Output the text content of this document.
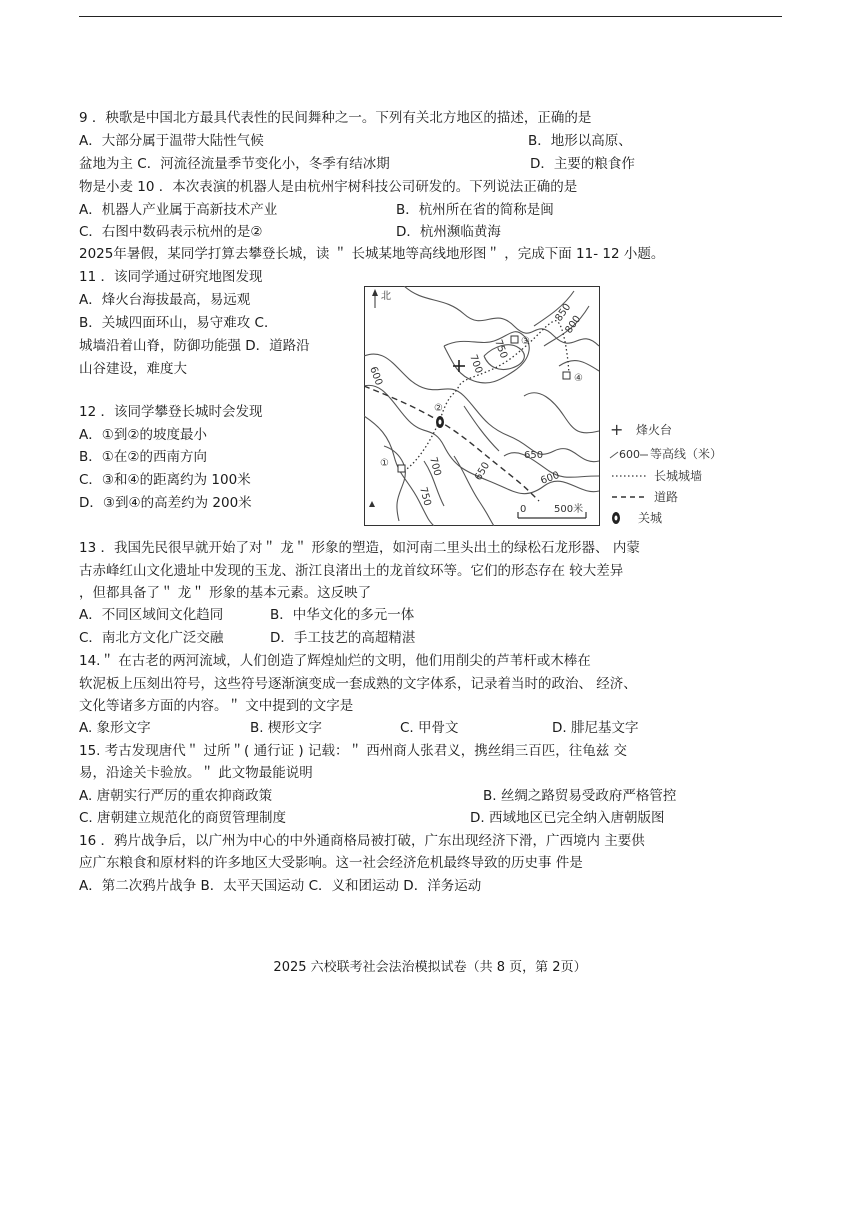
9 ．秧歌是中国北方最具代表性的民间舞种之一。下列有关北方地区的描述，正确的是
A．大部分属于温带大陆性气候	B．地形以高原、
盆地为主 C．河流径流量季节变化小，冬季有结冰期	D．主要的粮食作
物是小麦 10 ．本次表演的机器人是由杭州宇树科技公司研发的。下列说法正确的是
A．机器人产业属于高新技术产业	B．杭州所在省的简称是闽
C．右图中数码表示杭州的是②	D．杭州濒临黄海
2025年暑假，某同学打算去攀登长城，读 ＂ 长城某地等高线地形图＂ ，完成下面 11- 12 小题。
11 ．该同学通过研究地图发现
A．烽火台海拔最高，易远观
B．关城四面环山，易守难攻 C．
城墙沿着山脊，防御功能强 D．道路沿
山谷建设，难度大
12 ．该同学攀登长城时会发现
A．①到②的坡度最小
B．①在②的西南方向
C．③和④的距离约为 100米
D．③到④的高差约为 200米
北
①
②
③
④
850
800
750
700
600
650
600
700
750
650
0	500米
+ 烽火台
600 等高线（米）
长城城墙
道路
关城
13 ．我国先民很早就开始了对＂ 龙＂ 形象的塑造，如河南二里头出土的绿松石龙形器、 内蒙
古赤峰红山文化遗址中发现的玉龙、浙江良渚出土的龙首纹环等。它们的形态存在 较大差异
，但都具备了＂ 龙＂ 形象的基本元素。这反映了
A．不同区域间文化趋同	B．中华文化的多元一体
C．南北方文化广泛交融	D．手工技艺的高超精湛
14.＂ 在古老的两河流域，人们创造了辉煌灿烂的文明，他们用削尖的芦苇杆或木棒在
软泥板上压刻出符号，这些符号逐渐演变成一套成熟的文字体系，记录着当时的政治、 经济、
文化等诸多方面的内容。＂ 文中提到的文字是
A. 象形文字	B. 楔形文字	C. 甲骨文	D. 腓尼基文字
15. 考古发现唐代＂ 过所＂( 通行证 ) 记载：＂ 西州商人张君义，携丝绢三百匹，往龟兹 交
易，沿途关卡验放。＂ 此文物最能说明
A. 唐朝实行严厉的重农抑商政策	B. 丝绸之路贸易受政府严格管控
C. 唐朝建立规范化的商贸管理制度	D. 西域地区已完全纳入唐朝版图
16 ．鸦片战争后，以广州为中心的中外通商格局被打破，广东出现经济下滑，广西境内 主要供
应广东粮食和原材料的许多地区大受影响。这一社会经济危机最终导致的历史事 件是
A．第二次鸦片战争 B．太平天国运动 C．义和团运动 D．洋务运动
2025 六校联考社会法治模拟试卷（共 8 页，第 2页）
